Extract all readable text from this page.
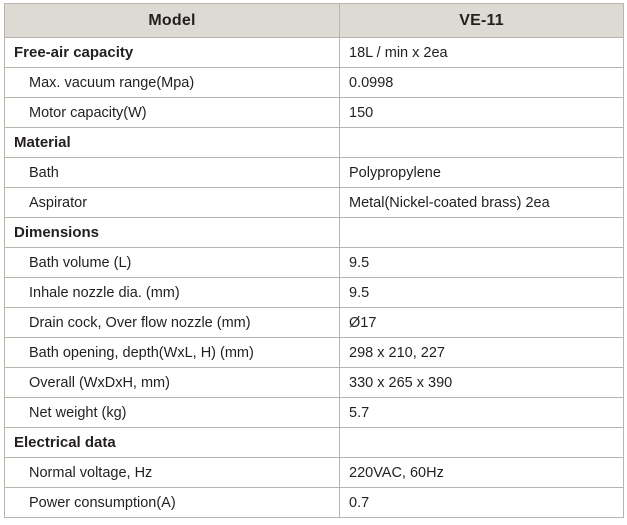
Model	VE-11
Free-air capacity	18L / min x 2ea
Max. vacuum range(Mpa)	0.0998
Motor capacity(W)	150
Material	
Bath	Polypropylene
Aspirator	Metal(Nickel-coated brass) 2ea
Dimensions	
Bath volume (L)	9.5
Inhale nozzle dia. (mm)	9.5
Drain cock, Over flow nozzle (mm)	Ø17
Bath opening, depth(WxL, H) (mm)	298 x 210, 227
Overall (WxDxH, mm)	330 x 265 x 390
Net weight (kg)	5.7
Electrical data	
Normal voltage, Hz	220VAC, 60Hz
Power consumption(A)	0.7
